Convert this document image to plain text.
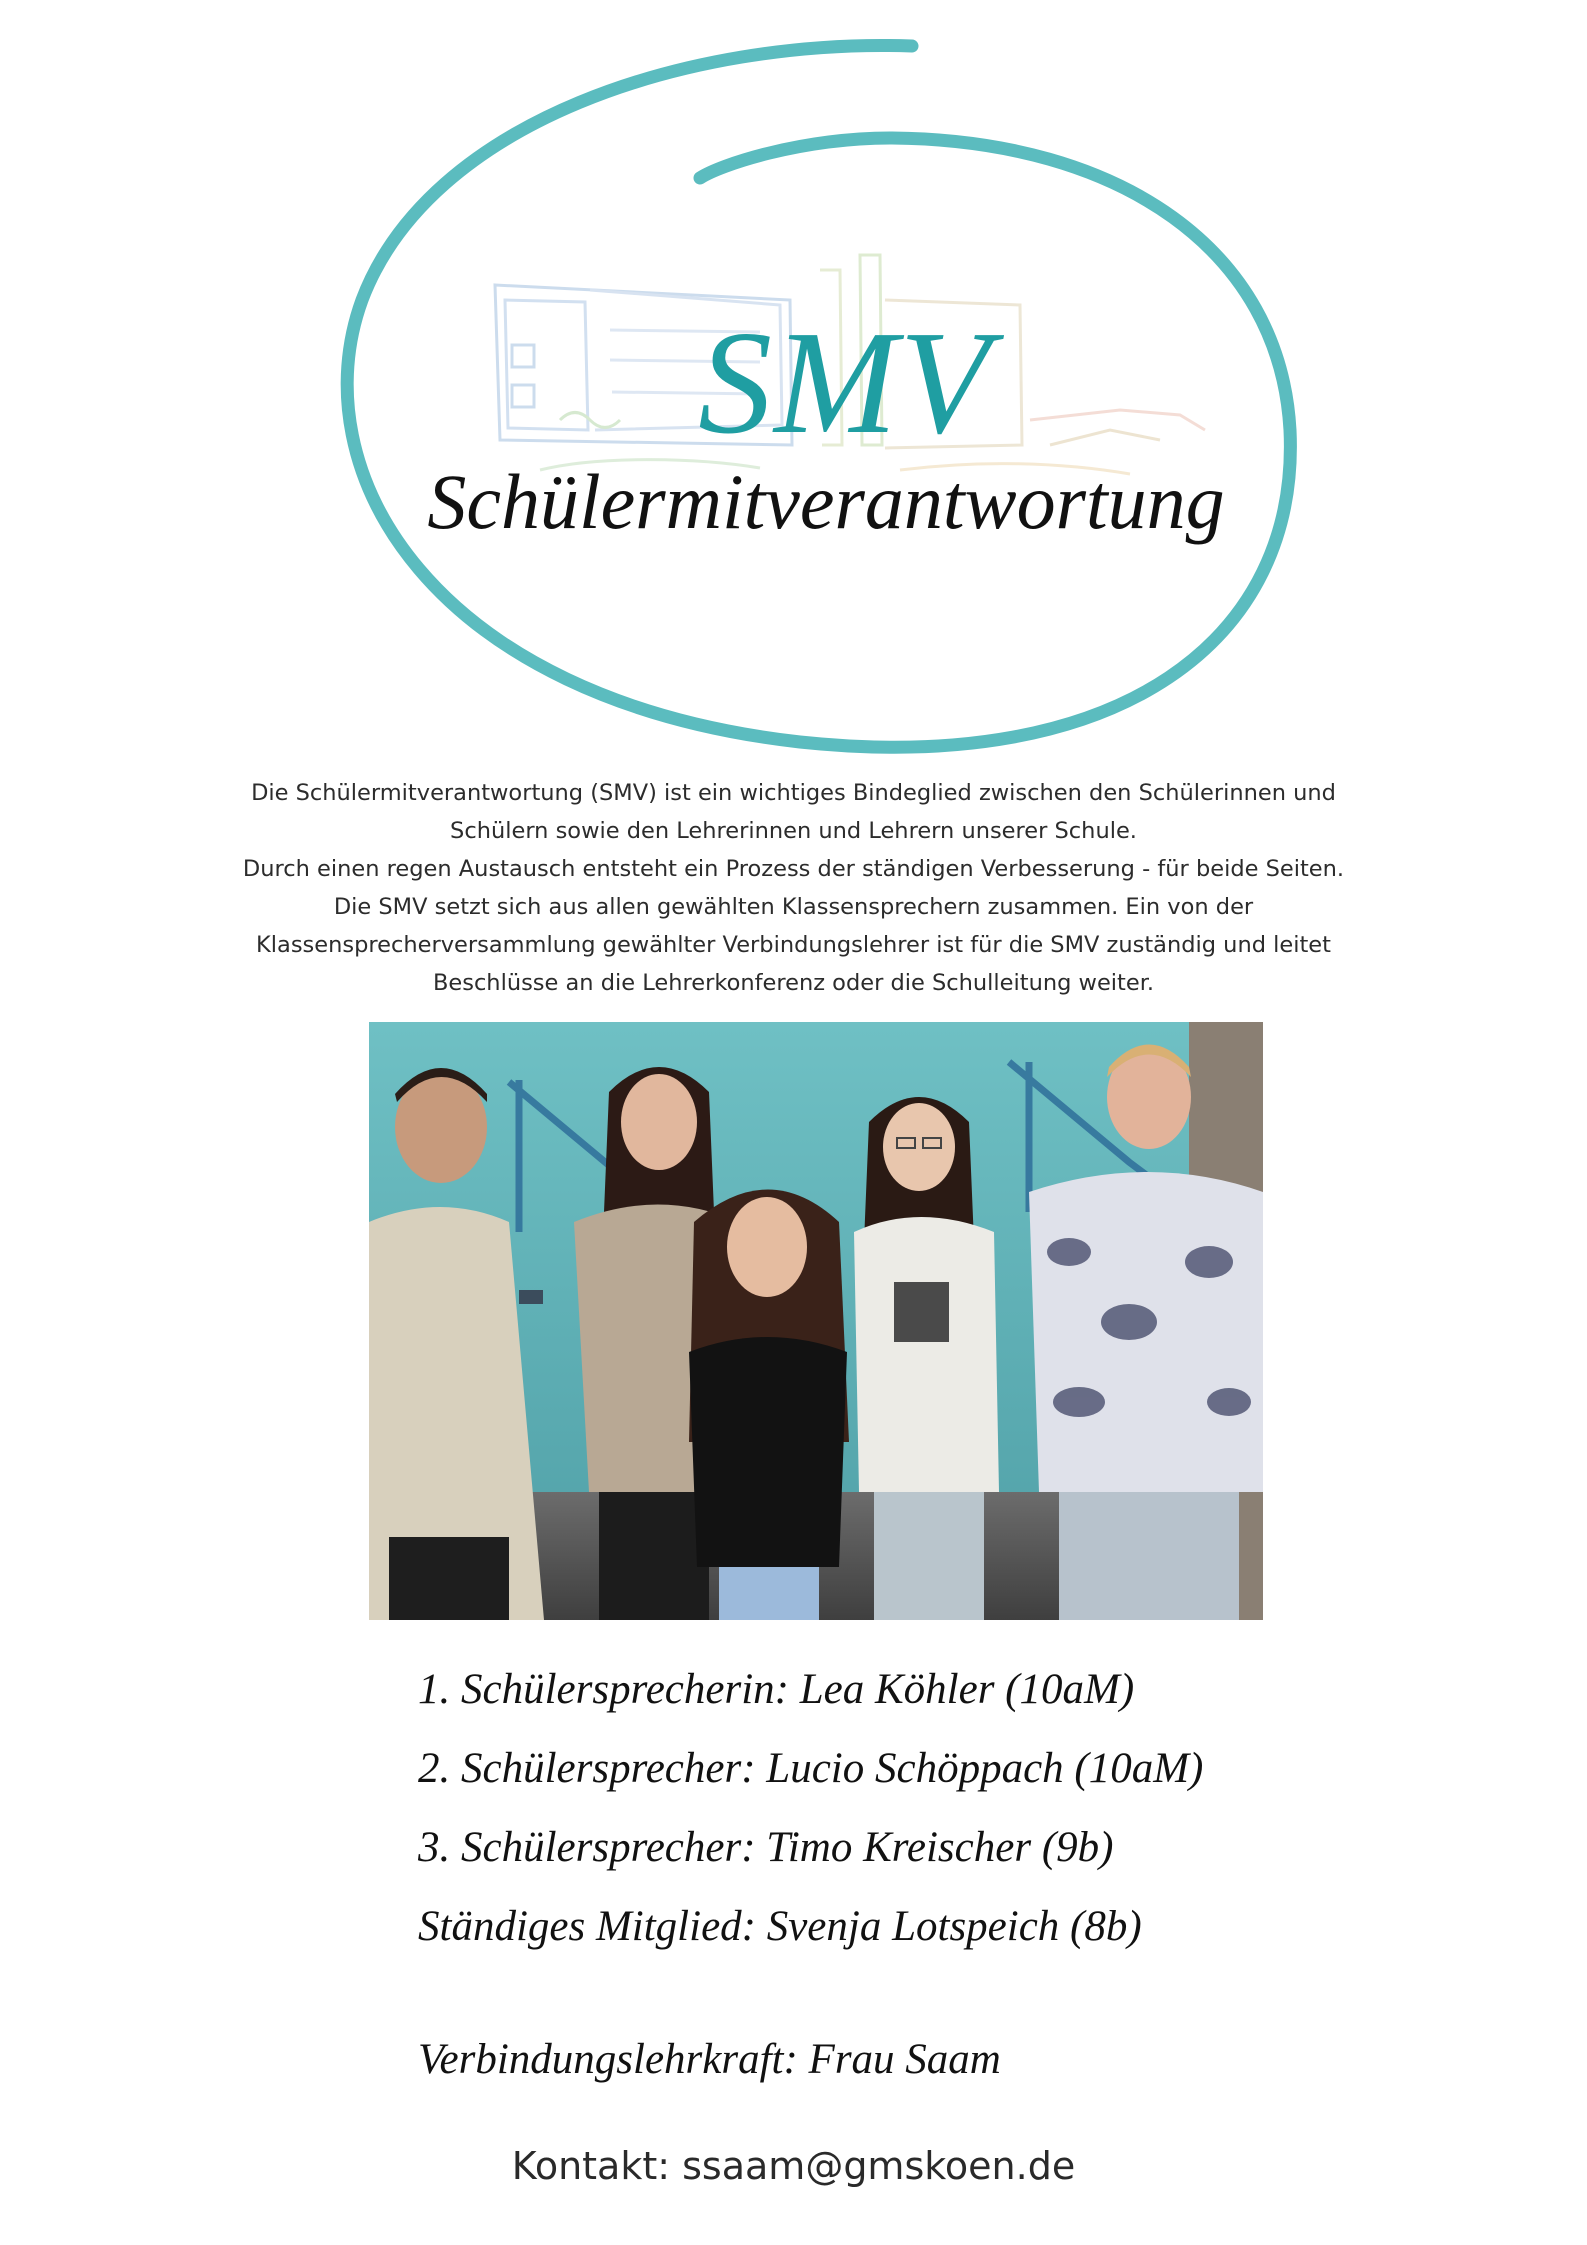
SMV
Schülermitverantwortung

Die Schülermitverantwortung (SMV) ist ein wichtiges Bindeglied zwischen den Schülerinnen und

Schülern sowie den Lehrerinnen und Lehrern unserer Schule.

Durch einen regen Austausch entsteht ein Prozess der ständigen Verbesserung - für beide Seiten.

Die SMV setzt sich aus allen gewählten Klassensprechern zusammen. Ein von der

Klassensprecherversammlung gewählter Verbindungslehrer ist für die SMV zuständig und leitet

Beschlüsse an die Lehrerkonferenz oder die Schulleitung weiter.

1. Schülersprecherin: Lea Köhler (10aM)
2. Schülersprecher: Lucio Schöppach (10aM)
3. Schülersprecher: Timo Kreischer (9b)
Ständiges Mitglied: Svenja Lotspeich (8b)
Verbindungslehrkraft: Frau Saam
Kontakt: ssaam@gmskoen.de
